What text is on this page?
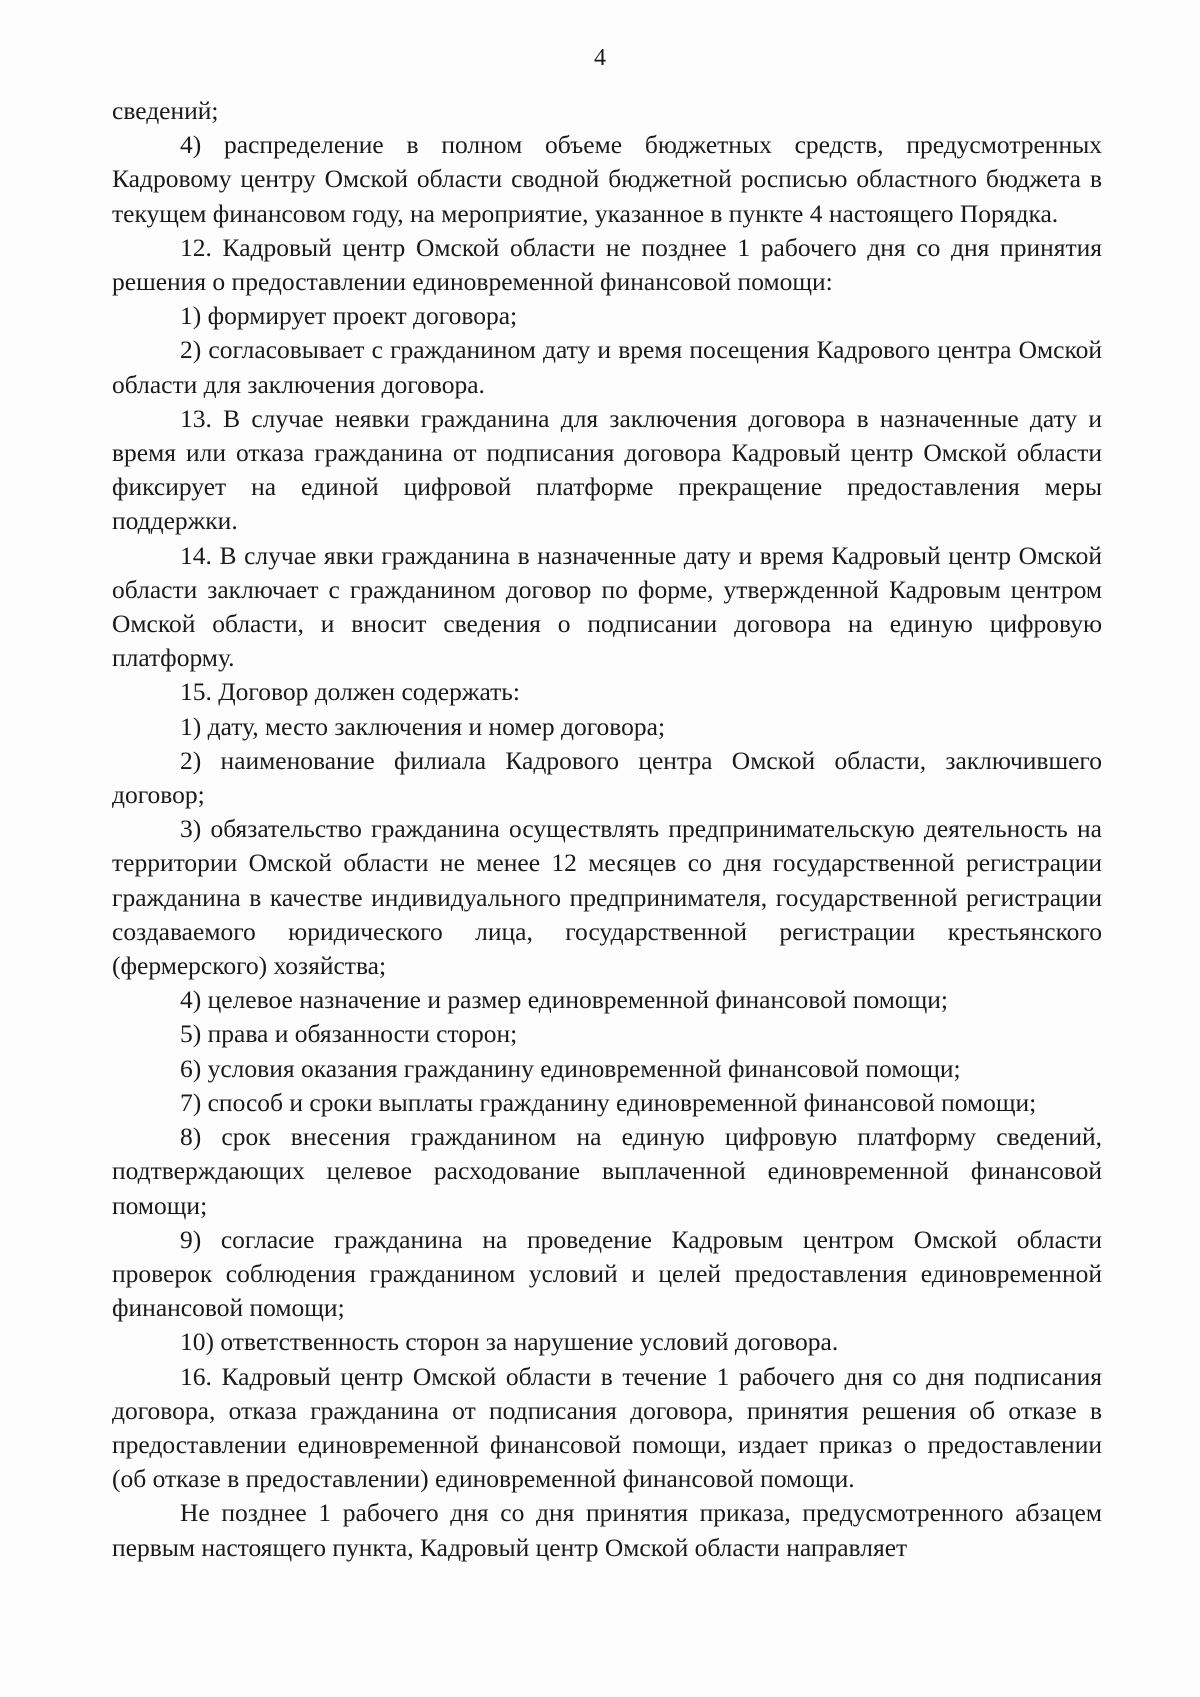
4

сведений;

4) распределение в полном объеме бюджетных средств, предусмотренных Кадровому центру Омской области сводной бюджетной росписью областного бюджета в текущем финансовом году, на мероприятие, указанное в пункте 4 настоящего Порядка.

12. Кадровый центр Омской области не позднее 1 рабочего дня со дня принятия решения о предоставлении единовременной финансовой помощи:

1) формирует проект договора;

2) согласовывает с гражданином дату и время посещения Кадрового центра Омской области для заключения договора.

13. В случае неявки гражданина для заключения договора в назначенные дату и время или отказа гражданина от подписания договора Кадровый центр Омской области фиксирует на единой цифровой платформе прекращение предоставления меры поддержки.

14. В случае явки гражданина в назначенные дату и время Кадровый центр Омской области заключает с гражданином договор по форме, утвержденной Кадровым центром Омской области, и вносит сведения о подписании договора на единую цифровую платформу.

15. Договор должен содержать:

1) дату, место заключения и номер договора;

2) наименование филиала Кадрового центра Омской области, заключившего договор;

3) обязательство гражданина осуществлять предпринимательскую деятельность на территории Омской области не менее 12 месяцев со дня государственной регистрации гражданина в качестве индивидуального предпринимателя, государственной регистрации создаваемого юридического лица, государственной регистрации крестьянского (фермерского) хозяйства;

4) целевое назначение и размер единовременной финансовой помощи;

5) права и обязанности сторон;

6) условия оказания гражданину единовременной финансовой помощи;

7) способ и сроки выплаты гражданину единовременной финансовой помощи;

8) срок внесения гражданином на единую цифровую платформу сведений, подтверждающих целевое расходование выплаченной единовременной финансовой помощи;

9) согласие гражданина на проведение Кадровым центром Омской области проверок соблюдения гражданином условий и целей предоставления единовременной финансовой помощи;

10) ответственность сторон за нарушение условий договора.

16. Кадровый центр Омской области в течение 1 рабочего дня со дня подписания договора, отказа гражданина от подписания договора, принятия решения об отказе в предоставлении единовременной финансовой помощи, издает приказ о предоставлении (об отказе в предоставлении) единовременной финансовой помощи.

Не позднее 1 рабочего дня со дня принятия приказа, предусмотренного абзацем первым настоящего пункта, Кадровый центр Омской области направляет
